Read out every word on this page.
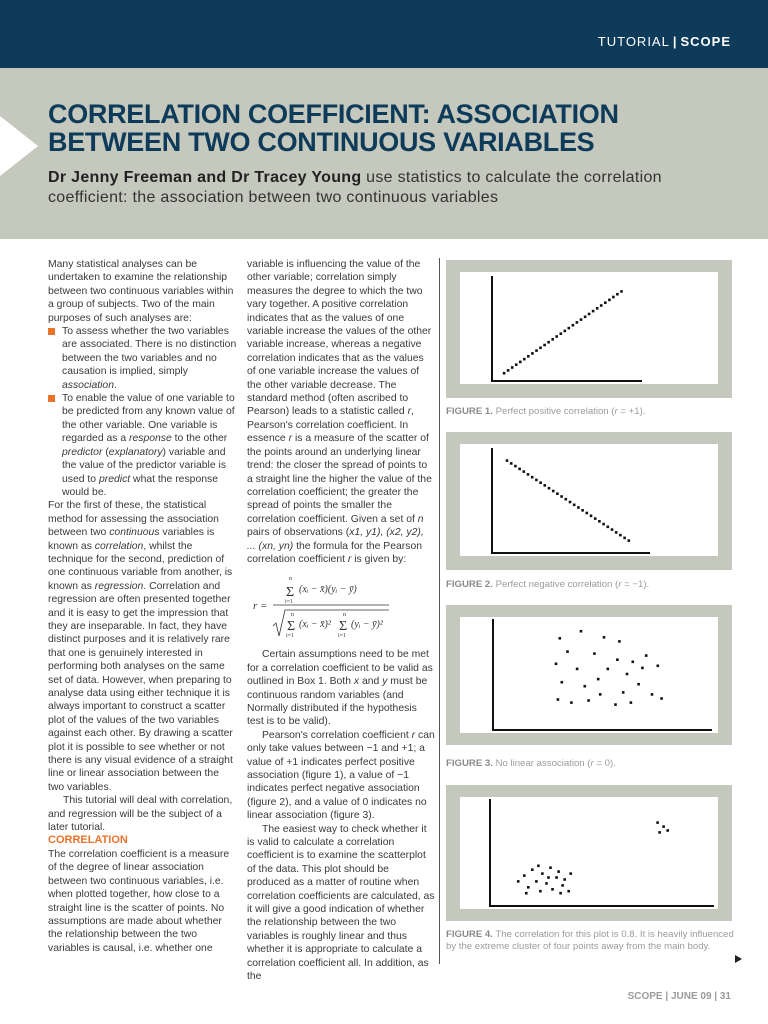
TUTORIAL | SCOPE
CORRELATION COEFFICIENT: ASSOCIATION BETWEEN TWO CONTINUOUS VARIABLES
Dr Jenny Freeman and Dr Tracey Young use statistics to calculate the correlation coefficient: the association between two continuous variables

Many statistical analyses can be undertaken to examine the relationship between two continuous variables within a group of subjects. Two of the main purposes of such analyses are:

To assess whether the two variables are associated. There is no distinction between the two variables and no causation is implied, simply association.
To enable the value of one variable to be predicted from any known value of the other variable. One variable is regarded as a response to the other predictor (explanatory) variable and the value of the predictor variable is used to predict what the response would be.

For the first of these, the statistical method for assessing the association between two continuous variables is known as correlation, whilst the technique for the second, prediction of one continuous variable from another, is known as regression. Correlation and regression are often presented together and it is easy to get the impression that they are inseparable. In fact, they have distinct purposes and it is relatively rare that one is genuinely interested in performing both analyses on the same set of data. However, when preparing to analyse data using either technique it is always important to construct a scatter plot of the values of the two variables against each other. By drawing a scatter plot it is possible to see whether or not there is any visual evidence of a straight line or linear association between the two variables.

This tutorial will deal with correlation, and regression will be the subject of a later tutorial.

CORRELATION

The correlation coefficient is a measure of the degree of linear association between two continuous variables, i.e. when plotted together, how close to a straight line is the scatter of points. No assumptions are made about whether the relationship between the two variables is causal, i.e. whether one

variable is influencing the value of the other variable; correlation simply measures the degree to which the two vary together. A positive correlation indicates that as the values of one variable increase the values of the other variable increase, whereas a negative correlation indicates that as the values of one variable increase the values of the other variable decrease. The standard method (often ascribed to Pearson) leads to a statistic called r, Pearson's correlation coefficient. In essence r is a measure of the scatter of the points around an underlying linear trend: the closer the spread of points to a straight line the higher the value of the correlation coefficient; the greater the spread of points the smaller the correlation coefficient. Given a set of n pairs of observations (x1, y1), (x2, y2), ... (xn, yn) the formula for the Pearson correlation coefficient r is given by:

r =
n
Σ
i=1
(xᵢ − x̄)(yᵢ − ȳ)
n
Σ
i=1
(xᵢ − x̄)²
n
Σ
i=1
(yᵢ − ȳ)²

Certain assumptions need to be met for a correlation coefficient to be valid as outlined in Box 1. Both x and y must be continuous random variables (and Normally distributed if the hypothesis test is to be valid).

Pearson's correlation coefficient r can only take values between −1 and +1; a value of +1 indicates perfect positive association (figure 1), a value of −1 indicates perfect negative association (figure 2), and a value of 0 indicates no linear association (figure 3).

The easiest way to check whether it is valid to calculate a correlation coefficient is to examine the scatterplot of the data. This plot should be produced as a matter of routine when correlation coefficients are calculated, as it will give a good indication of whether the relationship between the two variables is roughly linear and thus whether it is appropriate to calculate a correlation coefficient all. In addition, as the

FIGURE 1. Perfect positive correlation (r = +1).
FIGURE 2. Perfect negative correlation (r = −1).
FIGURE 3. No linear association (r = 0).
FIGURE 4. The correlation for this plot is 0.8. It is heavily influenced by the extreme cluster of four points away from the main body.
SCOPE | JUNE 09 | 31
